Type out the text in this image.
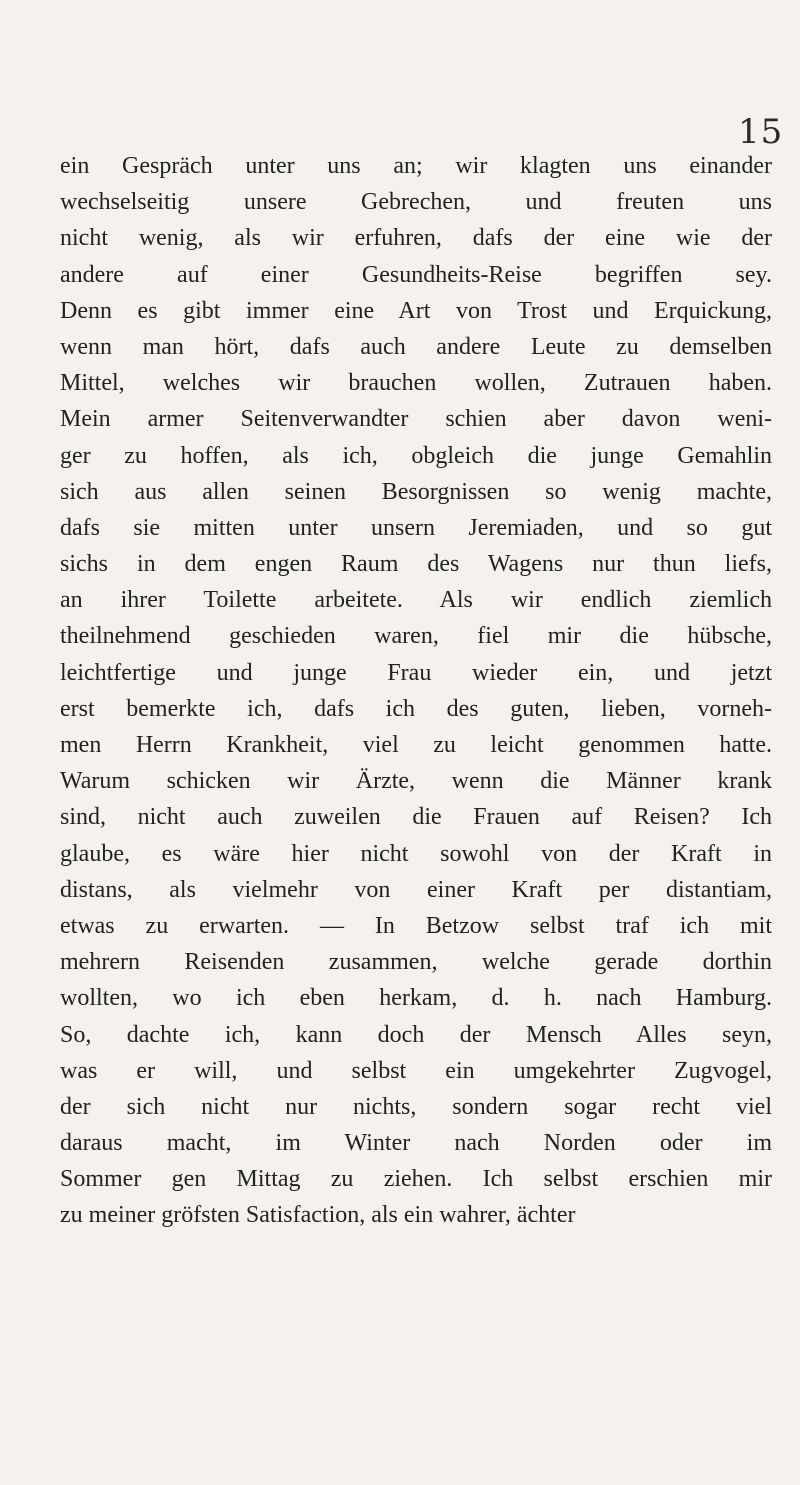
15
ein Gespräch unter uns an; wir klagten uns einander
wechselseitig unsere Gebrechen, und freuten uns
nicht wenig, als wir erfuhren, dafs der eine wie der
andere auf einer Gesundheits-Reise begriffen sey.
Denn es gibt immer eine Art von Trost und Erquickung,
wenn man hört, dafs auch andere Leute zu demselben
Mittel, welches wir brauchen wollen, Zutrauen haben.
Mein armer Seitenverwandter schien aber davon weni-
ger zu hoffen, als ich, obgleich die junge Gemahlin
sich aus allen seinen Besorgnissen so wenig machte,
dafs sie mitten unter unsern Jeremiaden, und so gut
sichs in dem engen Raum des Wagens nur thun liefs,
an ihrer Toilette arbeitete. Als wir endlich ziemlich
theilnehmend geschieden waren, fiel mir die hübsche,
leichtfertige und junge Frau wieder ein, und jetzt
erst bemerkte ich, dafs ich des guten, lieben, vorneh-
men Herrn Krankheit, viel zu leicht genommen hatte.
Warum schicken wir Ärzte, wenn die Männer krank
sind, nicht auch zuweilen die Frauen auf Reisen? Ich
glaube, es wäre hier nicht sowohl von der Kraft in
distans, als vielmehr von einer Kraft per distantiam,
etwas zu erwarten. — In Betzow selbst traf ich mit
mehrern Reisenden zusammen, welche gerade dorthin
wollten, wo ich eben herkam, d. h. nach Hamburg.
So, dachte ich, kann doch der Mensch Alles seyn,
was er will, und selbst ein umgekehrter Zugvogel,
der sich nicht nur nichts, sondern sogar recht viel
daraus macht, im Winter nach Norden oder im
Sommer gen Mittag zu ziehen. Ich selbst erschien mir
zu meiner gröfsten Satisfaction, als ein wahrer, ächter
